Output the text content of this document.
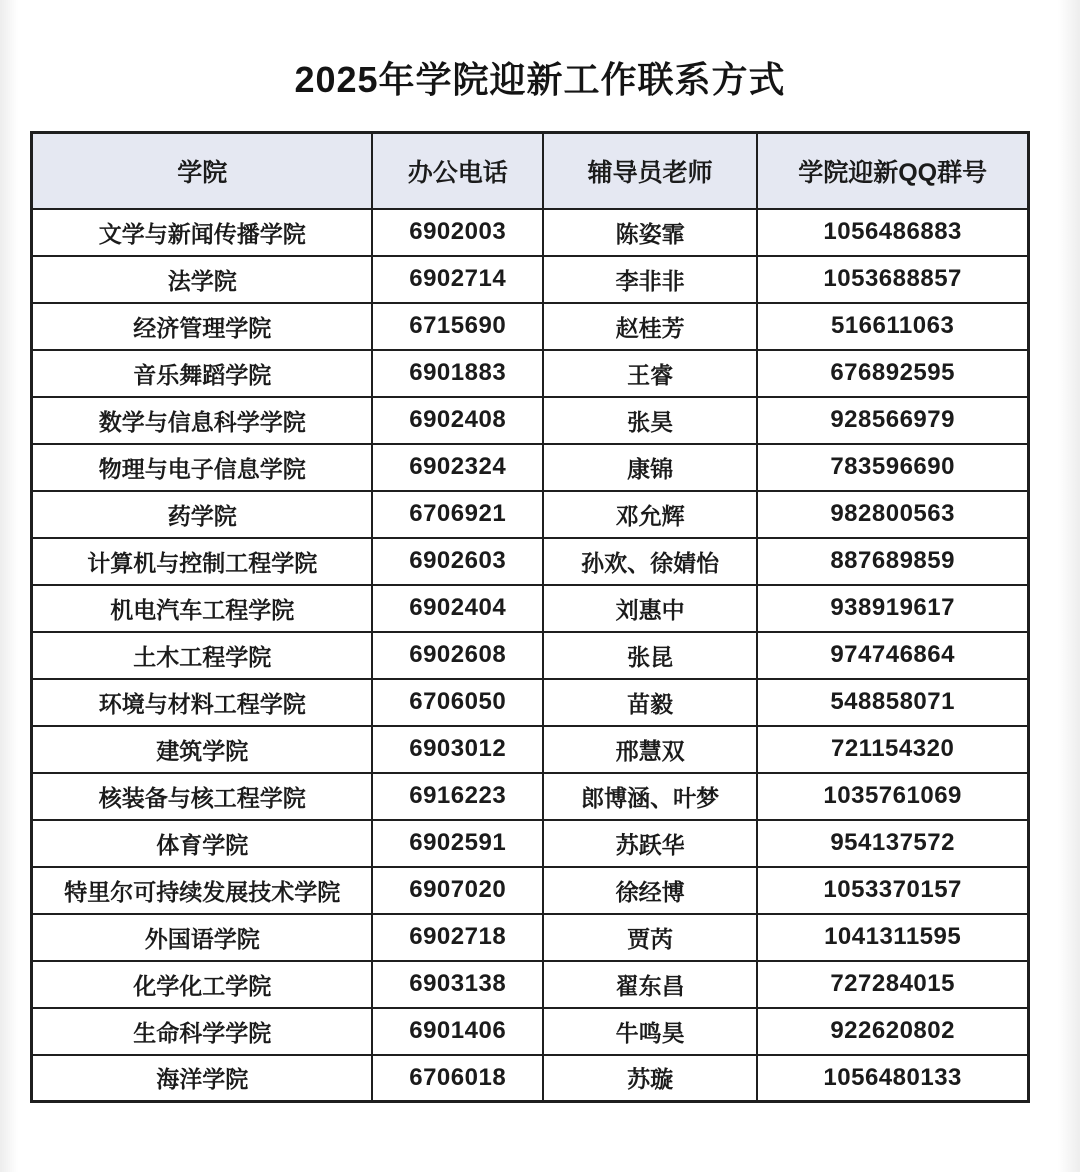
2025年学院迎新工作联系方式
学院	办公电话	辅导员老师	学院迎新QQ群号
文学与新闻传播学院	6902003	陈姿霏	1056486883
法学院	6902714	李非非	1053688857
经济管理学院	6715690	赵桂芳	516611063
音乐舞蹈学院	6901883	王睿	676892595
数学与信息科学学院	6902408	张昊	928566979
物理与电子信息学院	6902324	康锦	783596690
药学院	6706921	邓允辉	982800563
计算机与控制工程学院	6902603	孙欢、徐婧怡	887689859
机电汽车工程学院	6902404	刘惠中	938919617
土木工程学院	6902608	张昆	974746864
环境与材料工程学院	6706050	苗毅	548858071
建筑学院	6903012	邢慧双	721154320
核装备与核工程学院	6916223	郎博涵、叶梦	1035761069
体育学院	6902591	苏跃华	954137572
特里尔可持续发展技术学院	6907020	徐经博	1053370157
外国语学院	6902718	贾芮	1041311595
化学化工学院	6903138	翟东昌	727284015
生命科学学院	6901406	牛鸣昊	922620802
海洋学院	6706018	苏璇	1056480133
